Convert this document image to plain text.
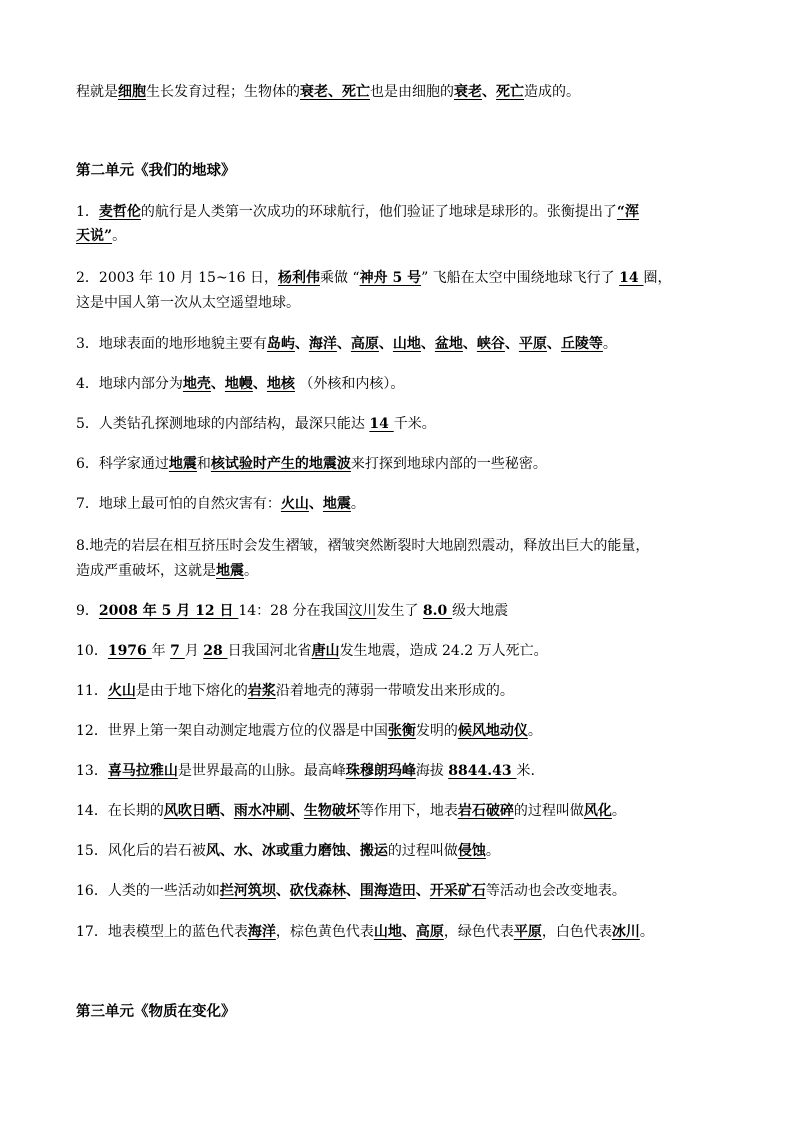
程就是细胞生长发育过程；生物体的衰老、死亡也是由细胞的衰老、死亡造成的。
第二单元《我们的地球》
1．麦哲伦的航行是人类第一次成功的环球航行，他们验证了地球是球形的。张衡提出了“浑
天说”。
2．2003 年 10 月 15~16 日，杨利伟乘做 “神舟 5 号” 飞船在太空中围绕地球飞行了 14 圈，
这是中国人第一次从太空遥望地球。
3．地球表面的地形地貌主要有岛屿、海洋、高原、山地、盆地、峡谷、平原、丘陵等。
4．地球内部分为地壳、地幔、地核 （外核和内核）。
5．人类钻孔探测地球的内部结构，最深只能达 14 千米。
6．科学家通过地震和核试验时产生的地震波来打探到地球内部的一些秘密。
7．地球上最可怕的自然灾害有：火山、地震。
8.地壳的岩层在相互挤压时会发生褶皱，褶皱突然断裂时大地剧烈震动，释放出巨大的能量，
造成严重破坏，这就是地震。
9．2008 年 5 月 12 日 14：28 分在我国汶川发生了 8.0 级大地震
10．1976 年 7 月 28 日我国河北省唐山发生地震，造成 24.2 万人死亡。
11．火山是由于地下熔化的岩浆沿着地壳的薄弱一带喷发出来形成的。
12．世界上第一架自动测定地震方位的仪器是中国张衡发明的候风地动仪。
13．喜马拉雅山是世界最高的山脉。最高峰珠穆朗玛峰海拔 8844.43 米.
14．在长期的风吹日晒、雨水冲刷、生物破坏等作用下，地表岩石破碎的过程叫做风化。
15．风化后的岩石被风、水、冰或重力磨蚀、搬运的过程叫做侵蚀。
16．人类的一些活动如拦河筑坝、砍伐森林、围海造田、开采矿石等活动也会改变地表。
17．地表模型上的蓝色代表海洋，棕色黄色代表山地、高原，绿色代表平原，白色代表冰川。
第三单元《物质在变化》
